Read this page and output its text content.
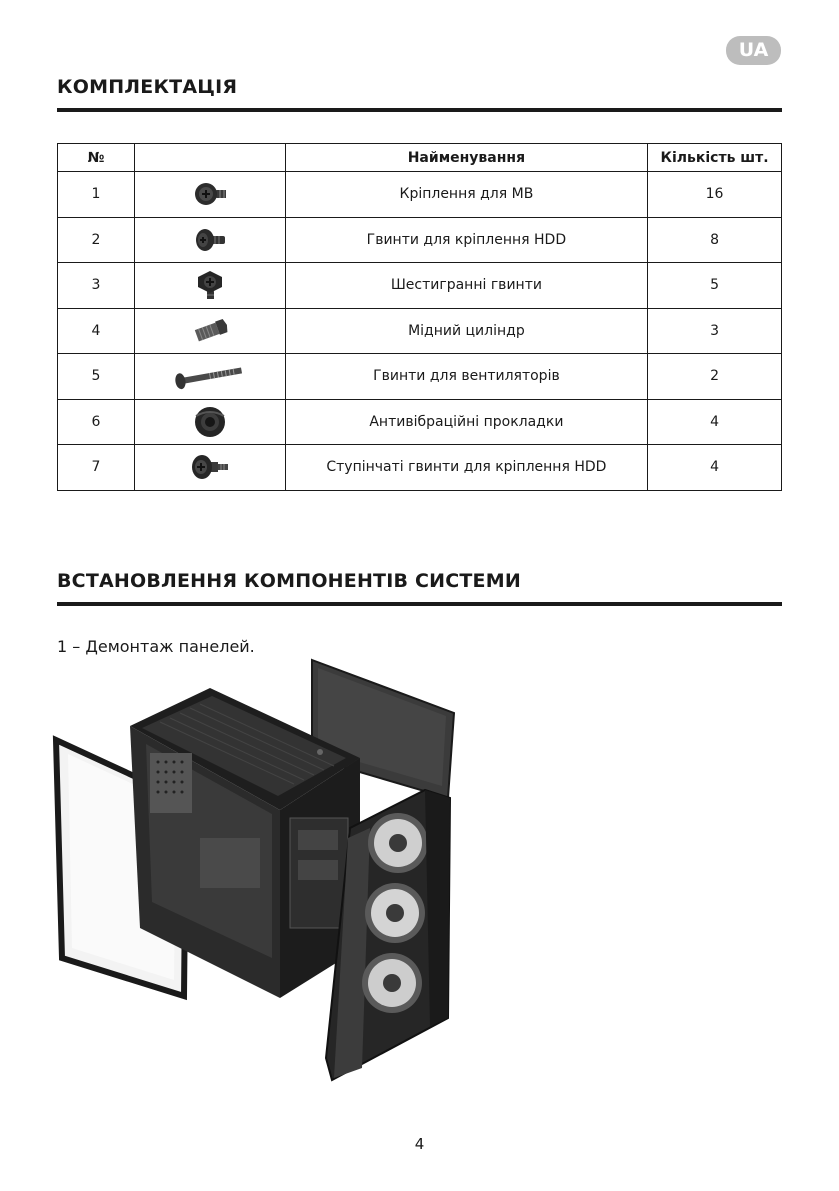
UA
КОМПЛЕКТАЦІЯ
№		Найменування	Кількість шт.
1		Кріплення для MB	16
2		Гвинти для кріплення HDD	8
3		Шестигранні гвинти	5
4		Мідний циліндр	3
5		Гвинти для вентиляторів	2
6		Антивібраційні прокладки	4
7		Ступінчаті гвинти для кріплення HDD	4
ВСТАНОВЛЕННЯ КОМПОНЕНТІВ СИСТЕМИ
1 – Демонтаж панелей.
4
